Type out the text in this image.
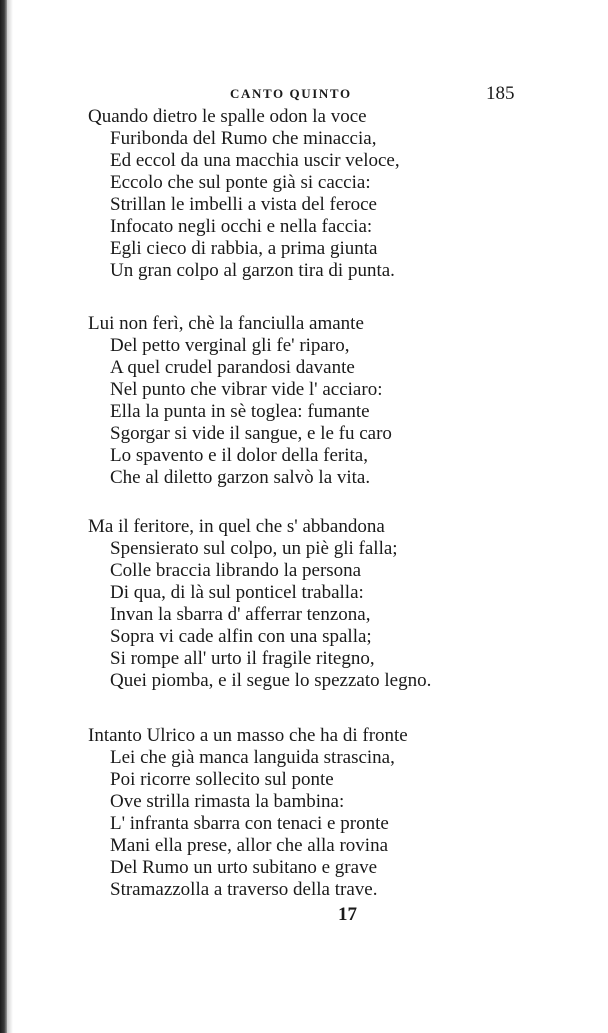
CANTO QUINTO	185
Quando dietro le spalle odon la voce
Furibonda del Rumo che minaccia,
Ed eccol da una macchia uscir veloce,
Eccolo che sul ponte già si caccia:
Strillan le imbelli a vista del feroce
Infocato negli occhi e nella faccia:
Egli cieco di rabbia, a prima giunta
Un gran colpo al garzon tira di punta.
Lui non ferì, chè la fanciulla amante
Del petto verginal gli fe' riparo,
A quel crudel parandosi davante
Nel punto che vibrar vide l' acciaro:
Ella la punta in sè toglea: fumante
Sgorgar si vide il sangue, e le fu caro
Lo spavento e il dolor della ferita,
Che al diletto garzon salvò la vita.
Ma il feritore, in quel che s' abbandona
Spensierato sul colpo, un piè gli falla;
Colle braccia librando la persona
Di qua, di là sul ponticel traballa:
Invan la sbarra d' afferrar tenzona,
Sopra vi cade alfin con una spalla;
Si rompe all' urto il fragile ritegno,
Quei piomba, e il segue lo spezzato legno.
Intanto Ulrico a un masso che ha di fronte
Lei che già manca languida strascina,
Poi ricorre sollecito sul ponte
Ove strilla rimasta la bambina:
L' infranta sbarra con tenaci e pronte
Mani ella prese, allor che alla rovina
Del Rumo un urto subitano e grave
Stramazzolla a traverso della trave.
17
